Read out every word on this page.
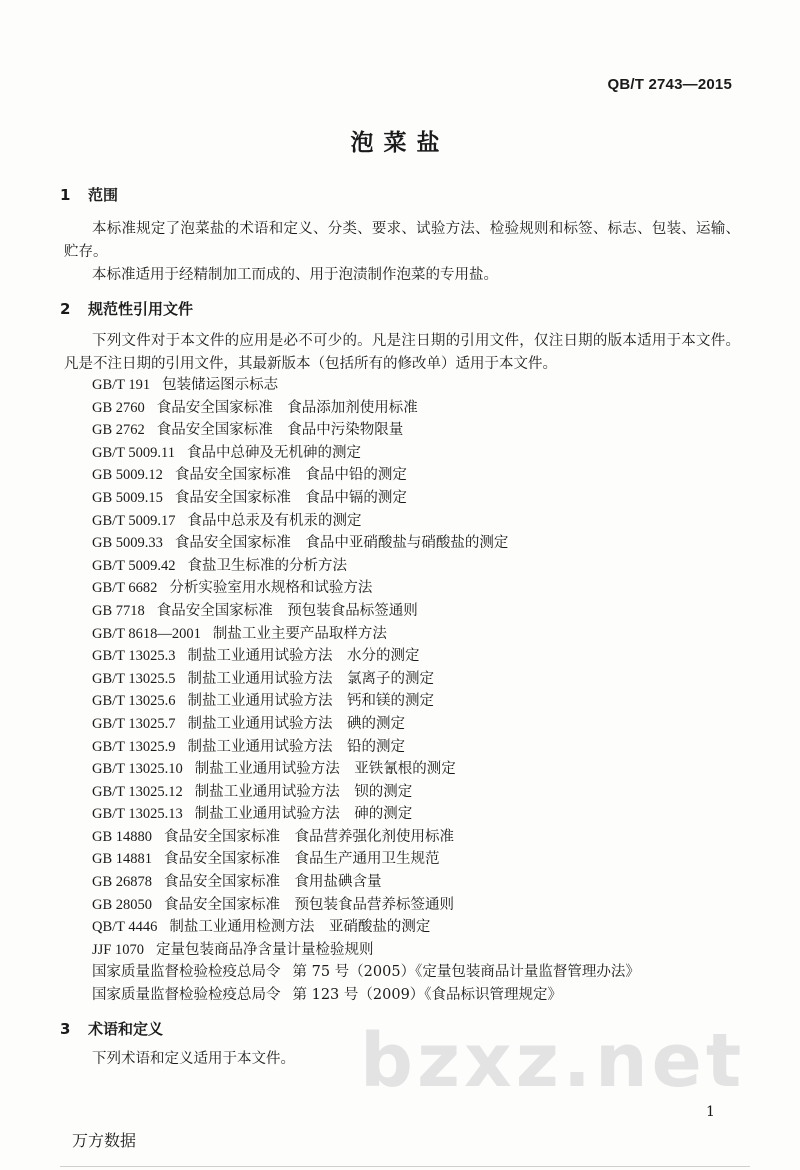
QB/T 2743—2015
泡菜盐
1 范围
本标准规定了泡菜盐的术语和定义、分类、要求、试验方法、检验规则和标签、标志、包装、运输、贮存。
本标准适用于经精制加工而成的、用于泡渍制作泡菜的专用盐。
2 规范性引用文件
下列文件对于本文件的应用是必不可少的。凡是注日期的引用文件，仅注日期的版本适用于本文件。凡是不注日期的引用文件，其最新版本（包括所有的修改单）适用于本文件。
GB/T 191 包装储运图示标志
GB 2760 食品安全国家标准　食品添加剂使用标准
GB 2762 食品安全国家标准　食品中污染物限量
GB/T 5009.11 食品中总砷及无机砷的测定
GB 5009.12 食品安全国家标准　食品中铅的测定
GB 5009.15 食品安全国家标准　食品中镉的测定
GB/T 5009.17 食品中总汞及有机汞的测定
GB 5009.33 食品安全国家标准　食品中亚硝酸盐与硝酸盐的测定
GB/T 5009.42 食盐卫生标准的分析方法
GB/T 6682 分析实验室用水规格和试验方法
GB 7718 食品安全国家标准　预包装食品标签通则
GB/T 8618—2001 制盐工业主要产品取样方法
GB/T 13025.3 制盐工业通用试验方法　水分的测定
GB/T 13025.5 制盐工业通用试验方法　氯离子的测定
GB/T 13025.6 制盐工业通用试验方法　钙和镁的测定
GB/T 13025.7 制盐工业通用试验方法　碘的测定
GB/T 13025.9 制盐工业通用试验方法　铅的测定
GB/T 13025.10 制盐工业通用试验方法　亚铁氰根的测定
GB/T 13025.12 制盐工业通用试验方法　钡的测定
GB/T 13025.13 制盐工业通用试验方法　砷的测定
GB 14880 食品安全国家标准　食品营养强化剂使用标准
GB 14881 食品安全国家标准　食品生产通用卫生规范
GB 26878 食品安全国家标准　食用盐碘含量
GB 28050 食品安全国家标准　预包装食品营养标签通则
QB/T 4446 制盐工业通用检测方法　亚硝酸盐的测定
JJF 1070 定量包装商品净含量计量检验规则
国家质量监督检验检疫总局令 第 75 号（2005）《定量包装商品计量监督管理办法》
国家质量监督检验检疫总局令 第 123 号（2009）《食品标识管理规定》
3 术语和定义	bzxz.net
下列术语和定义适用于本文件。
1
万方数据
